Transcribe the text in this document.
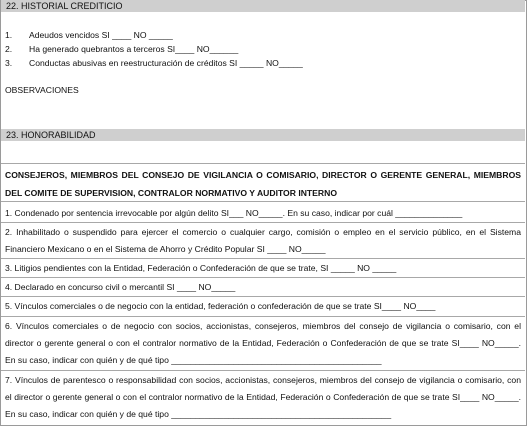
22. HISTORIAL CREDITICIO
1. Adeudos vencidos SI ____ NO _____
2. Ha generado quebrantos a terceros SI____ NO______
3. Conductas abusivas en reestructuración de créditos SI _____ NO_____
OBSERVACIONES
23. HONORABILIDAD

CONSEJEROS, MIEMBROS DEL CONSEJO DE VIGILANCIA O COMISARIO, DIRECTOR O GERENTE GENERAL, MIEMBROS DEL COMITE DE SUPERVISION, CONTRALOR NORMATIVO Y AUDITOR INTERNO

1. Condenado por sentencia irrevocable por algún delito SI___ NO_____. En su caso, indicar por cuál ______________

2. Inhabilitado o suspendido para ejercer el comercio o cualquier cargo, comisión o empleo en el servicio público, en el Sistema Financiero Mexicano o en el Sistema de Ahorro y Crédito Popular SI ____ NO_____

3. Litigios pendientes con la Entidad, Federación o Confederación de que se trate, SI _____ NO _____

4. Declarado en concurso civil o mercantil SI ____ NO_____

5. Vínculos comerciales o de negocio con la entidad, federación o confederación de que se trate SI____ NO____

6. Vínculos comerciales o de negocio con socios, accionistas, consejeros, miembros del consejo de vigilancia o comisario, con el director o gerente general o con el contralor normativo de la Entidad, Federación o Confederación de que se trate SI____ NO_____. En su caso, indicar con quién y de qué tipo ____________________________________________

7. Vínculos de parentesco o responsabilidad con socios, accionistas, consejeros, miembros del consejo de vigilancia o comisario, con el director o gerente general o con el contralor normativo de la Entidad, Federación o Confederación de que se trate SI____ NO_____. En su caso, indicar con quién y de qué tipo ______________________________________________
